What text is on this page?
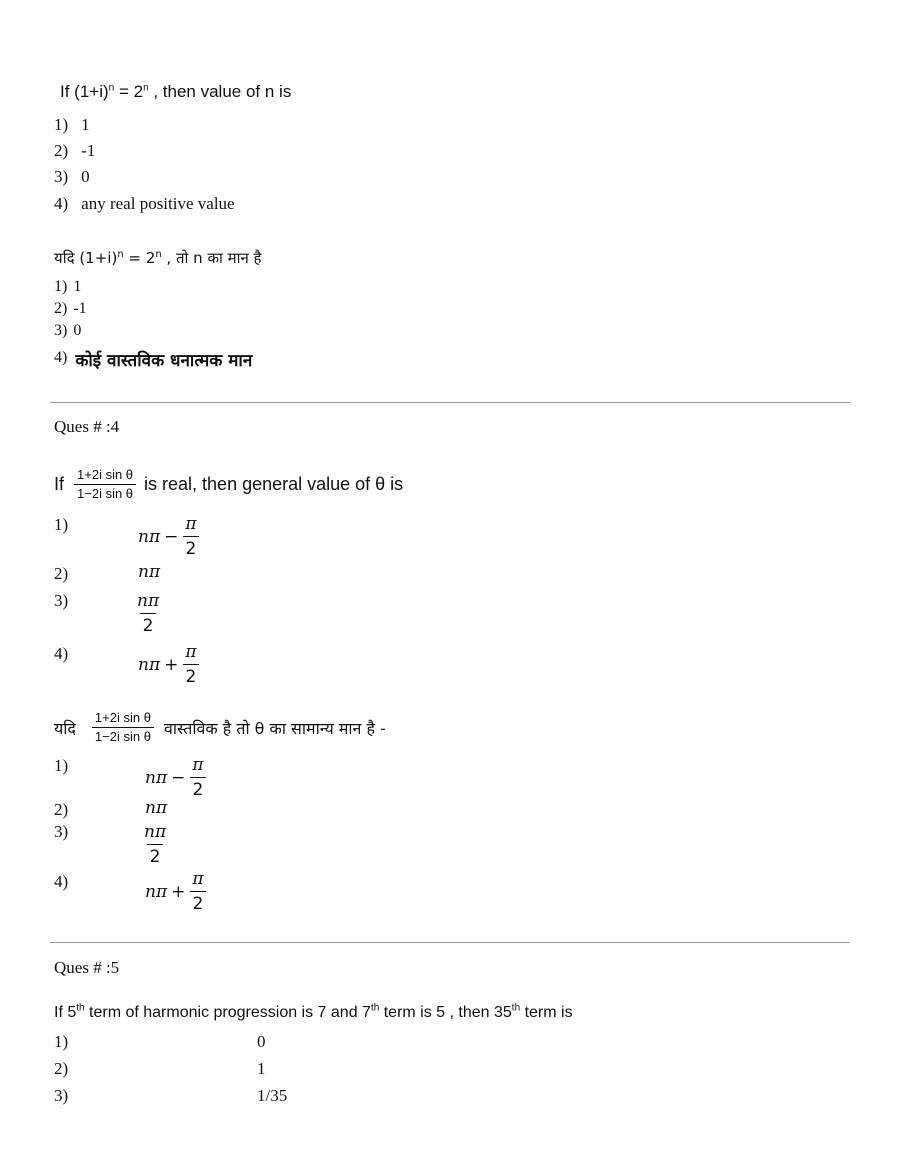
If $(1+i)^n = 2^n$ , then value of n is
1) 1
2) -1
3) 0
4) any real positive value
यदि $(1+i)^n = 2^n$ , तो n का मान है
1) 1
2) -1
3) 0
4) कोई वास्तविक धनात्मक मान
Ques # :4
If $\frac{\text{1+2i sin θ}}{\text{1−2i sin θ}}$ is real, then general value of θ is
1)
$n\pi - \frac{\pi}{2}$
2)	nπ
3)	$\frac{n\pi}{2}$
4)
$n\pi + \frac{\pi}{2}$
यदि $\frac{\text{1+2i sin θ}}{\text{1−2i sin θ}}$ वास्तविक है तो θ का सामान्य मान है -
1)
$n\pi - \frac{\pi}{2}$
2)	nπ
3)	$\frac{n\pi}{2}$
4)	$n\pi + \frac{\pi}{2}$
Ques # :5
If 5th term of harmonic progression is 7 and 7th term is 5 , then 35th term is
1)	0
2)	1
3)	1/35
